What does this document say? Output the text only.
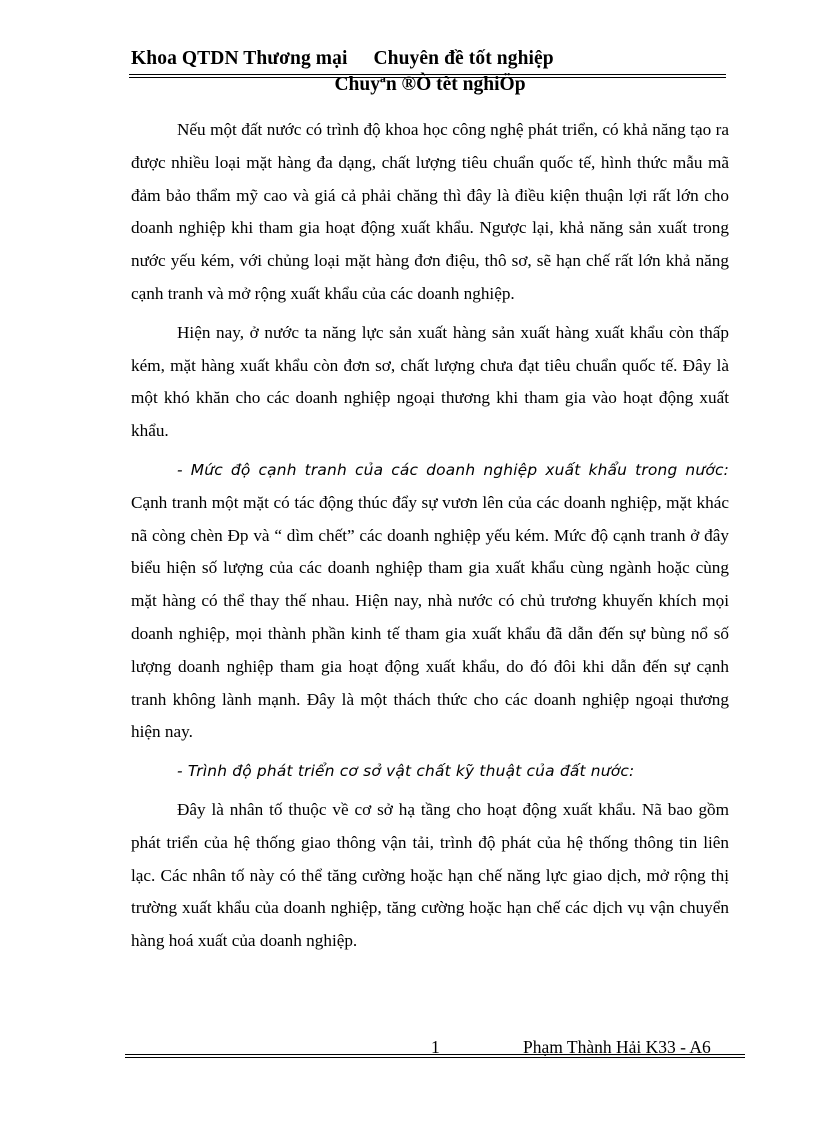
Khoa QTDN Thương mại Chuyên đề tốt nghiệp
Chuyªn ®Ò tèt nghiÖp

Nếu một đất nước có trình độ khoa học công nghệ phát triển, có khả năng tạo ra được nhiều loại mặt hàng đa dạng, chất lượng tiêu chuẩn quốc tế, hình thức mẫu mã đảm bảo thẩm mỹ cao và giá cả phải chăng thì đây là điều kiện thuận lợi rất lớn cho doanh nghiệp khi tham gia hoạt động xuất khẩu. Ngược lại, khả năng sản xuất trong nước yếu kém, với chủng loại mặt hàng đơn điệu, thô sơ, sẽ hạn chế rất lớn khả năng cạnh tranh và mở rộng xuất khẩu của các doanh nghiệp.

Hiện nay, ở nước ta năng lực sản xuất hàng sản xuất hàng xuất khẩu còn thấp kém, mặt hàng xuất khẩu còn đơn sơ, chất lượng chưa đạt tiêu chuẩn quốc tế. Đây là một khó khăn cho các doanh nghiệp ngoại thương khi tham gia vào hoạt động xuất khẩu.

- Mức độ cạnh tranh của các doanh nghiệp xuất khẩu trong nước: Cạnh tranh một mặt có tác động thúc đẩy sự vươn lên của các doanh nghiệp, mặt khác nã còng chèn Ðp và “ dìm chết” các doanh nghiệp yếu kém. Mức độ cạnh tranh ở đây biểu hiện số lượng của các doanh nghiệp tham gia xuất khẩu cùng ngành hoặc cùng mặt hàng có thể thay thế nhau. Hiện nay, nhà nước có chủ trương khuyến khích mọi doanh nghiệp, mọi thành phần kinh tế tham gia xuất khẩu đã dẫn đến sự bùng nổ số lượng doanh nghiệp tham gia hoạt động xuất khẩu, do đó đôi khi dẫn đến sự cạnh tranh không lành mạnh. Đây là một thách thức cho các doanh nghiệp ngoại thương hiện nay.

- Trình độ phát triển cơ sở vật chất kỹ thuật của đất nước:

Đây là nhân tố thuộc về cơ sở hạ tầng cho hoạt động xuất khẩu. Nã bao gồm phát triển của hệ thống giao thông vận tải, trình độ phát của hệ thống thông tin liên lạc. Các nhân tố này có thể tăng cường hoặc hạn chế năng lực giao dịch, mở rộng thị trường xuất khẩu của doanh nghiệp, tăng cường hoặc hạn chế các dịch vụ vận chuyển hàng hoá xuất của doanh nghiệp.

1	Phạm Thành Hải K33 - A6
